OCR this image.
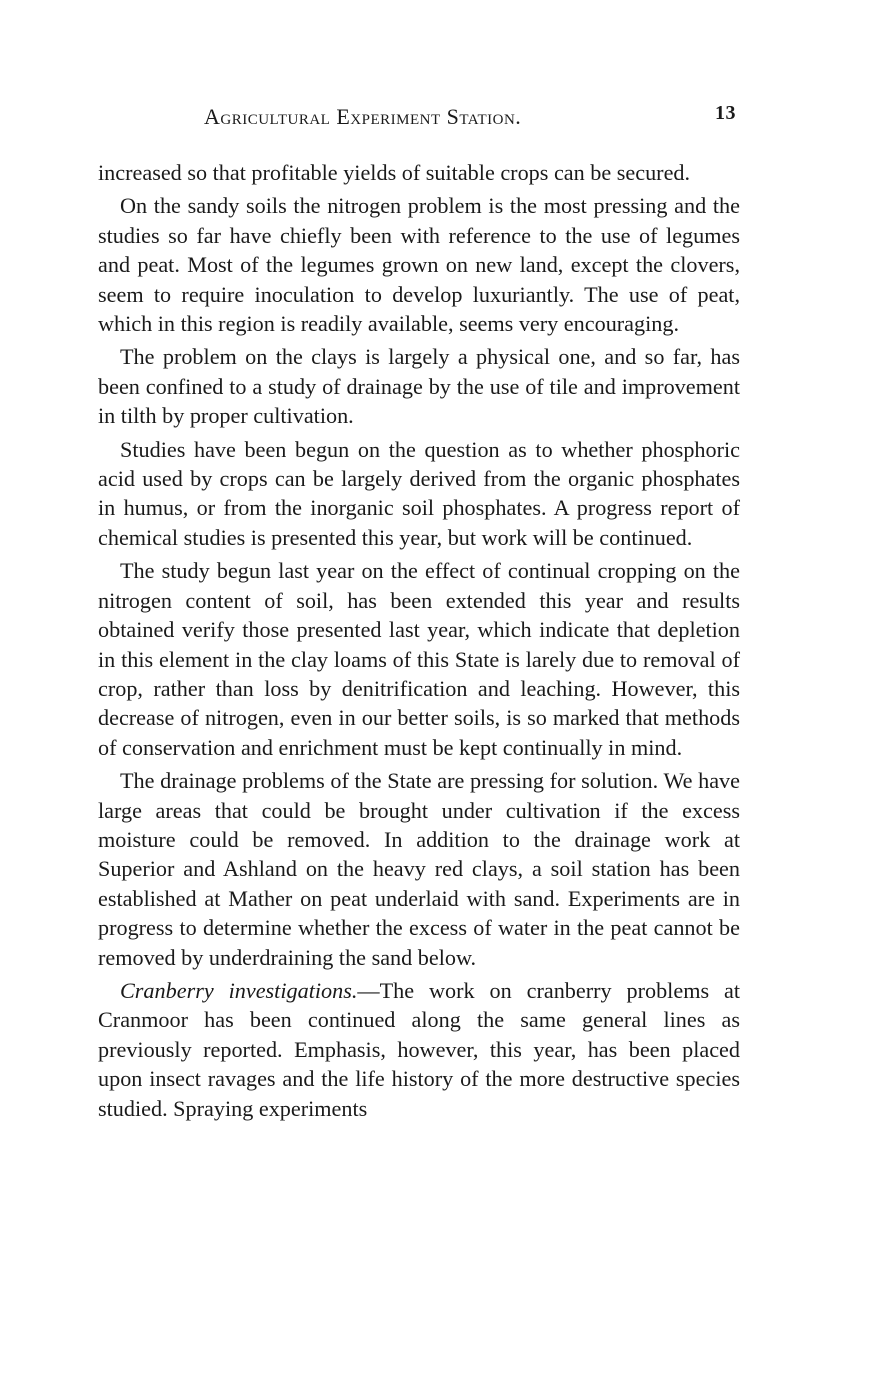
Agricultural Experiment Station.	13

increased so that profitable yields of suitable crops can be secured.

On the sandy soils the nitrogen problem is the most pressing and the studies so far have chiefly been with reference to the use of legumes and peat. Most of the legumes grown on new land, except the clovers, seem to require inoculation to develop luxuriantly. The use of peat, which in this region is readily available, seems very encouraging.

The problem on the clays is largely a physical one, and so far, has been confined to a study of drainage by the use of tile and improvement in tilth by proper cultivation.

Studies have been begun on the question as to whether phosphoric acid used by crops can be largely derived from the organic phosphates in humus, or from the inorganic soil phosphates. A progress report of chemical studies is presented this year, but work will be continued.

The study begun last year on the effect of continual cropping on the nitrogen content of soil, has been extended this year and results obtained verify those presented last year, which indicate that depletion in this element in the clay loams of this State is larely due to removal of crop, rather than loss by denitrification and leaching. However, this decrease of nitrogen, even in our better soils, is so marked that methods of conservation and enrichment must be kept continually in mind.

The drainage problems of the State are pressing for solution. We have large areas that could be brought under cultivation if the excess moisture could be removed. In addition to the drainage work at Superior and Ashland on the heavy red clays, a soil station has been established at Mather on peat underlaid with sand. Experiments are in progress to determine whether the excess of water in the peat cannot be removed by underdraining the sand below.

Cranberry investigations.—The work on cranberry problems at Cranmoor has been continued along the same general lines as previously reported. Emphasis, however, this year, has been placed upon insect ravages and the life history of the more destructive species studied. Spraying experiments
